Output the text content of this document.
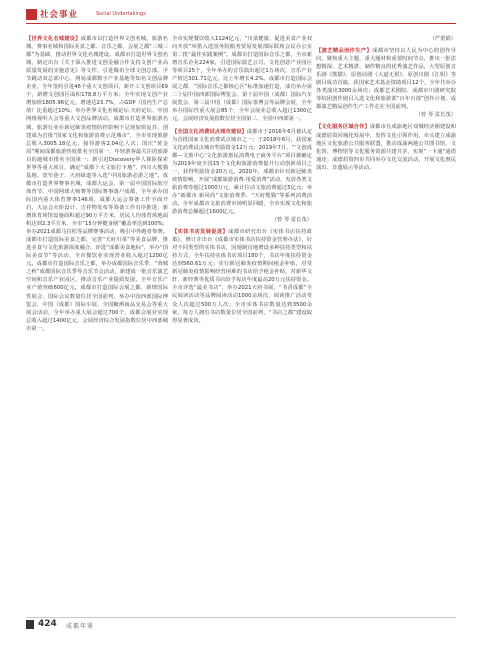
社会事业	Social Undertakings

【世界文化名城建设】成都市以打造世界文创名城、旅游名城、赛事名城和国际美食之都、音乐之都、会展之都“三城三都”为基础，推动世界文化名城建设。成都市打造世界文创名城，制定出台《关于深入推进文创金融合作支持文创产业高质量发展的实施意见》等文件，引进腾讯全球文创总部、字节跳动双总部中心、网易成都数字产业基地等知名文创品牌企业，全年签约引进46个重大文创项目，新开工文创项目69个，新增文创园区面积178.8万平方米；全年实现文创产业增加值1805.96亿元，增速达23.7%，占GDP（国内生产总值）比重超过10%；举办世界文化名城论坛·天府论坛、中国网络视听大会等重大文创品牌活动。成都市打造世界旅游名城，旅游行业在新冠肺炎疫情防控影响下呈现加快复苏，创建成为首批“国家文化和旅游消费示范城市”，全市实现旅游总收入3005.18亿元，接待游客2.04亿人次；国庆“黄金周”期间成都旅游热度排名全国第一，年轻游客最关注的旅游目的地城市排名全国第一；新引进Discovery华人探险探索世界等重大项目，确定“成都十大文旅打卡地”，四川大熊猫基地、宽窄巷子、天府绿道等入选“中国旅游必游之地”。成都市打造世界赛事名城，成都大运会、第一届中国国际航空体育节、中国网球大师赛等国际赛事落户成都，全年承办国际国内重大体育赛事146项，成都大运会筹备工作全面开启，大运会火炬设计、吉祥物发布等筹备工作有序推进；新增体育场馆设施面积超过90万平方米，居民人均体育场地面积达到2.3平方米，全市“15分钟健身圈”覆盖率达到100%；举办2021成都马拉松等品牌赛事活动，吸引中外跑者参赛。成都市打造国际美食之都，完善“天府川菜”等美食品牌，推进美食与文化旅游深度融合，评选“成都美食地标”，举办“国际美食节”等活动，全市餐饮业实现营业收入超过1200亿元。成都市打造国际音乐之都，举办成都国际音乐季、“蓉城之秋”成都国际音乐季等音乐节会活动，新建成一批音乐演艺空间和音乐产业园区，推动音乐产业提质发展，全年音乐产业产值突破600亿元。成都市打造国际会展之都，新增国际性展会、国际会议数量位居全国前列，举办中国西部国际博览会、中国（成都）国际车展、全国糖酒商品交易会等重大展会活动，全年举办重大展会超过700个，成都会展业实现总收入超过1400亿元，会展经济综合发展指数位居中西部城市第一。

全市实现餐饮收入1124亿元，“川菜健康、促进美食产业双向开放”举措入选国务院服务贸易发展部际联席会议办公室第二批“最佳实践案例”。成都市打造国际音乐之都，全市新增音乐企业224家，引进国际演艺公司、文化创意产业园区等项目25个，全年举办的音乐演出超过1万场次，音乐产业产值达301.71亿元，比上年增长4.2%。成都市打造国际会展之都，“国际音乐之都核心区”标准加速打造，成功举办第二十届中国西部国际博览会、第十届中国（成都）国际汽车展览会、第三届中国（成都）国际茶博会等品牌会展，全年举办国际性重大展会85个，全年会展业总收入超过1300亿元，会展经济发展指数位居全国第三、全国中西部第一。

【全国文化消费试点城市建设】成都市于2016年6月被认定为首批国家文化消费试点城市之一；于2018年6月，获国家文化消费试点城市奖励资金12万元；2019年7月，“‘文创成都—文旅中心’文化旅游惠民消费电子商务平台”项目被确定为2019年度全国15个文化和旅游消费提升行动创新项目之一，获得奖励资金20万元。2020年，成都市针对新冠肺炎疫情影响，开展“成都旅游消费·用爱消费”活动，发放各类文旅消费券超过1000万元，累计拉动文旅消费超过5亿元；举办“新都市·新风尚”文旅消费季、“天府熊猫”等系列消费活动。全年成都市文旅消费市场明显回暖，全市实现文化和旅游消费总额超过1600亿元。

（曾 琴 雷长茂）

【实体书店发展促进】成都市研究出台《实体书店扶持政策》，修订并出台《成都市实体书店扶持资金管理办法》，针对不同类型的实体书店，因地制宜地增设多种扶持类型和扶持方式，全年扶持实体书店项目180个，书店年度扶持资金达到560.61万元；实行新冠肺炎疫情期间租金补贴，对受新冠肺炎疫情影响经营困难的书店给予租金补贴，对新华文轩、新经典等优质书店给予每店年度最高20万元扶持资金。全市评选“最美书店”，举办2021天府书展、“书香成都”全民阅读活动等品牌阅读活动1000余场次，阅读推广活动受众人次超过500万人次；全市实体书店数量达到3500余家，每万人拥有书店数量位居全国前列，“书店之都”建设取得显著成效。

（严蕾娟）

【演艺精品创作生产】成都市坚持以人民为中心的创作导向，聚焦重大主题、重大题材和重要时间节点，推出一批思想精深、艺术精湛、制作精良的优秀演艺作品，大型原创音乐剧《熊猫》、原创话剧《大道无垠》、原创川剧《江姐》等剧目成功首演，获国家艺术基金资助项目12个，全年共举办各类演出3000余场次；成都艺术剧院、成都市川剧研究院等院团创作剧目入选文化和旅游部“百年百部”创作计划，成都演艺精品创作生产工作走在全国前列。

（曾 琴 雷长茂）

【文化服务区域合作】成都市在成渝地区双城经济圈建设和成德眉资同城化发展中，发挥文化引领作用，牵头建立成渝地区文化旅游公共服务联盟，推动成渝两地公共图书馆、文化馆、博物馆等文化服务资源共建共享，实现“一卡通”通借通还；成德眉资四市共同举办文化交流活动，开展文化惠民演出、非遗展示等活动。

424 成都年鉴
